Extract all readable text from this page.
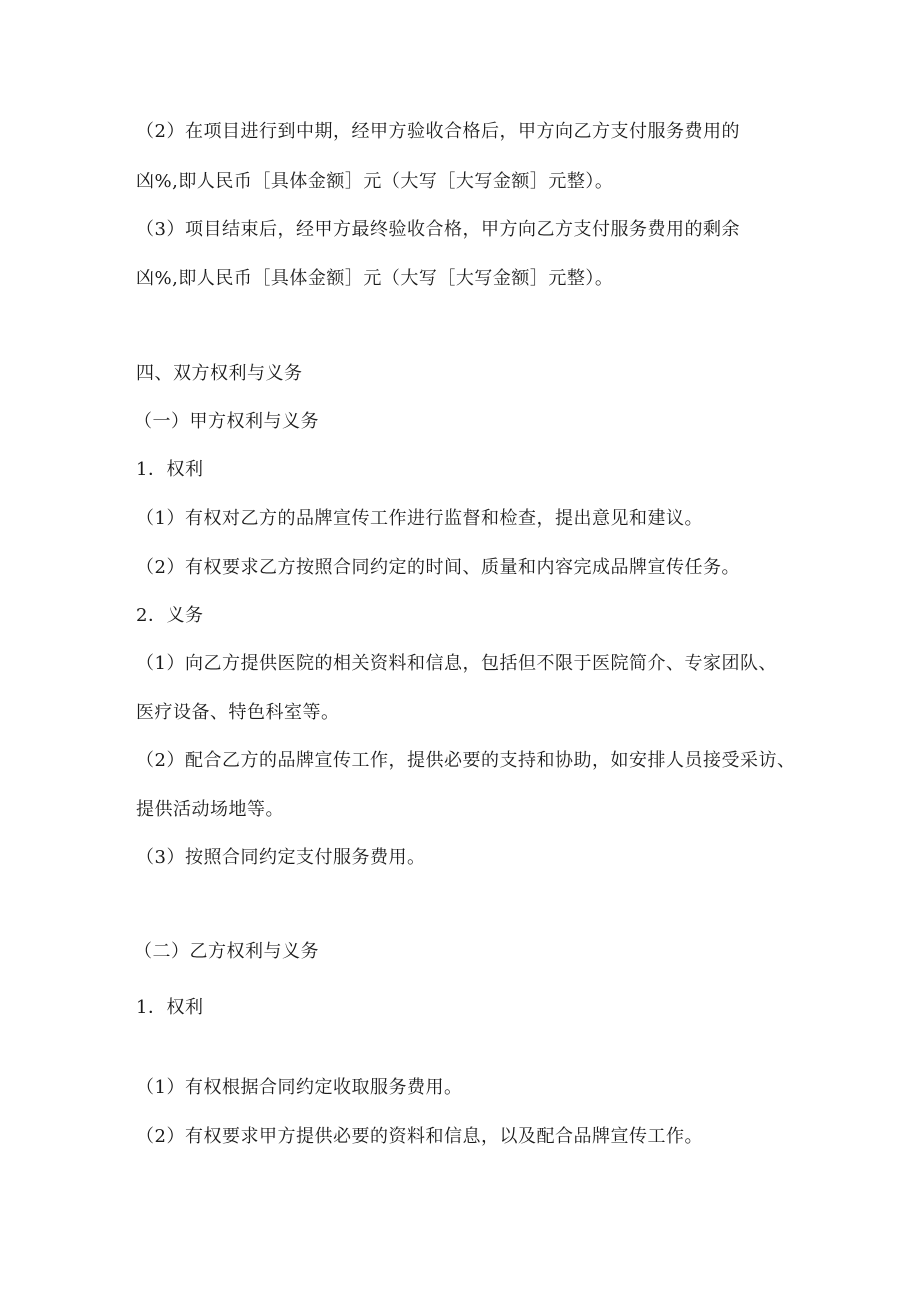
（2）在项目进行到中期，经甲方验收合格后，甲方向乙方支付服务费用的
凶%,即人民币［具体金额］元（大写［大写金额］元整）。
（3）项目结束后，经甲方最终验收合格，甲方向乙方支付服务费用的剩余
凶%,即人民币［具体金额］元（大写［大写金额］元整）。
四、双方权利与义务
（一）甲方权利与义务
1．权利
（1）有权对乙方的品牌宣传工作进行监督和检查，提出意见和建议。
（2）有权要求乙方按照合同约定的时间、质量和内容完成品牌宣传任务。
2．义务
（1）向乙方提供医院的相关资料和信息，包括但不限于医院简介、专家团队、
医疗设备、特色科室等。
（2）配合乙方的品牌宣传工作，提供必要的支持和协助，如安排人员接受采访、
提供活动场地等。
（3）按照合同约定支付服务费用。
（二）乙方权利与义务
1．权利
（1）有权根据合同约定收取服务费用。
（2）有权要求甲方提供必要的资料和信息，以及配合品牌宣传工作。
